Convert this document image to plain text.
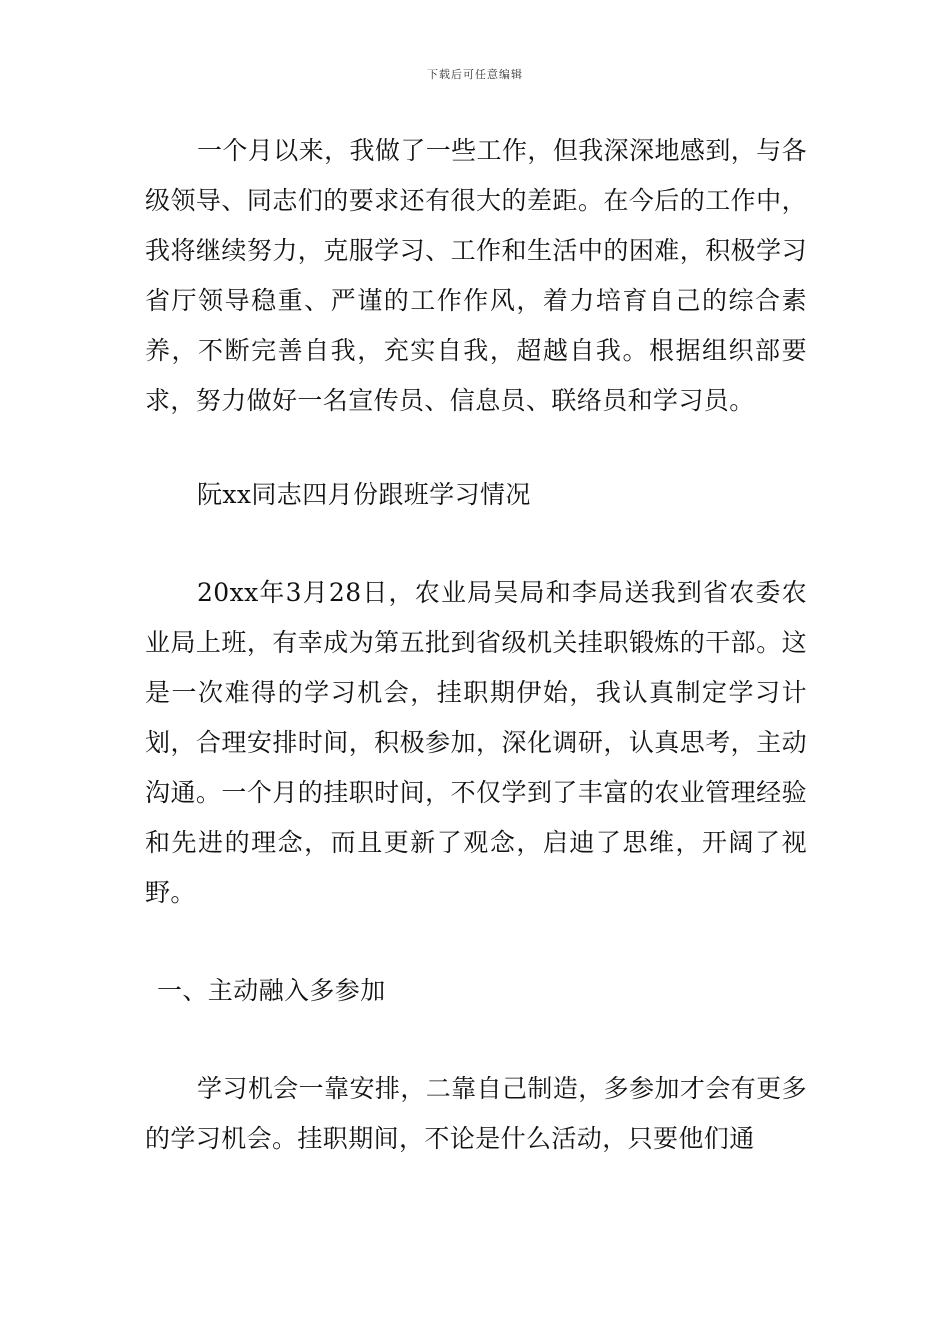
下载后可任意编辑

一个月以来，我做了一些工作，但我深深地感到，与各级领导、同志们的要求还有很大的差距。在今后的工作中，我将继续努力，克服学习、工作和生活中的困难，积极学习省厅领导稳重、严谨的工作作风，着力培育自己的综合素养，不断完善自我，充实自我，超越自我。根据组织部要求，努力做好一名宣传员、信息员、联络员和学习员。

阮xx同志四月份跟班学习情况

20xx年3月28日，农业局吴局和李局送我到省农委农业局上班，有幸成为第五批到省级机关挂职锻炼的干部。这是一次难得的学习机会，挂职期伊始，我认真制定学习计划，合理安排时间，积极参加，深化调研，认真思考，主动沟通。一个月的挂职时间，不仅学到了丰富的农业管理经验和先进的理念，而且更新了观念，启迪了思维，开阔了视野。

一、主动融入多参加

学习机会一靠安排，二靠自己制造，多参加才会有更多的学习机会。挂职期间，不论是什么活动，只要他们通
